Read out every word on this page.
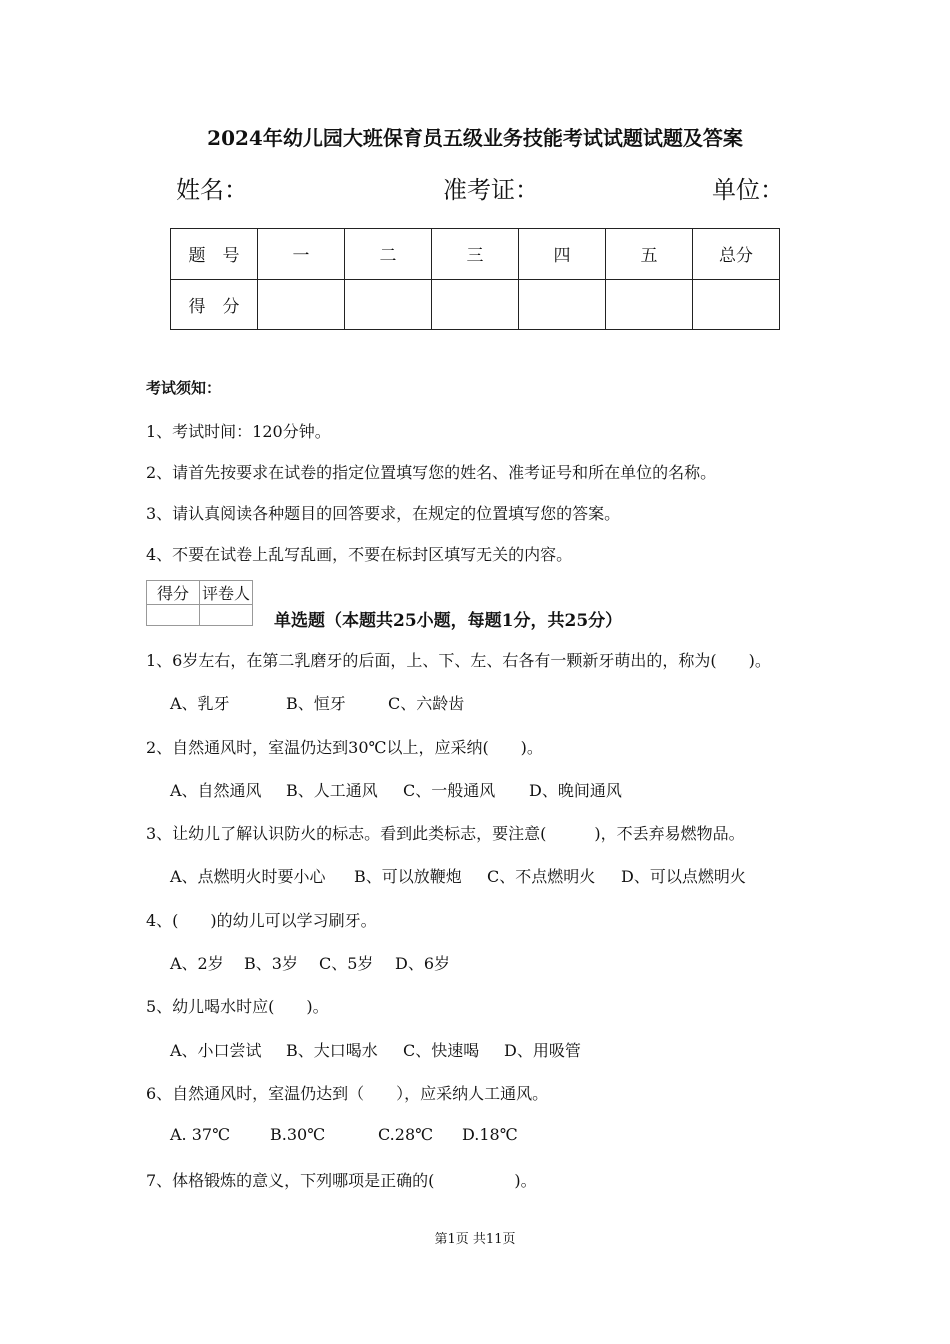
2024年幼儿园大班保育员五级业务技能考试试题试题及答案
姓名：	准考证：	单位：
题　号	一	二	三	四	五	总分
得　分						
考试须知：
1、考试时间：120分钟。
2、请首先按要求在试卷的指定位置填写您的姓名、准考证号和所在单位的名称。
3、请认真阅读各种题目的回答要求，在规定的位置填写您的答案。
4、不要在试卷上乱写乱画，不要在标封区填写无关的内容。
得分	评卷人

单选题（本题共25小题，每题1分，共25分）
1、6岁左右，在第二乳磨牙的后面，上、下、左、右各有一颗新牙萌出的，称为(　　)。
A、乳牙	B、恒牙	C、六龄齿
2、自然通风时，室温仍达到30℃以上，应采纳(　　)。
A、自然通风 B、人工通风 C、一般通风 D、晚间通风
3、让幼儿了解认识防火的标志。看到此类标志，要注意(　　　)，不丢弃易燃物品。
A、点燃明火时要小心 B、可以放鞭炮 C、不点燃明火 D、可以点燃明火
4、(　　)的幼儿可以学习刷牙。
A、2岁 B、3岁 C、5岁 D、6岁
5、幼儿喝水时应(　　)。
A、小口尝试 B、大口喝水 C、快速喝 D、用吸管
6、自然通风时，室温仍达到（　　），应采纳人工通风。
A. 37℃	B.30℃	C.28℃ D.18℃
7、体格锻炼的意义，下列哪项是正确的(　　　　　)。
第1页 共11页
